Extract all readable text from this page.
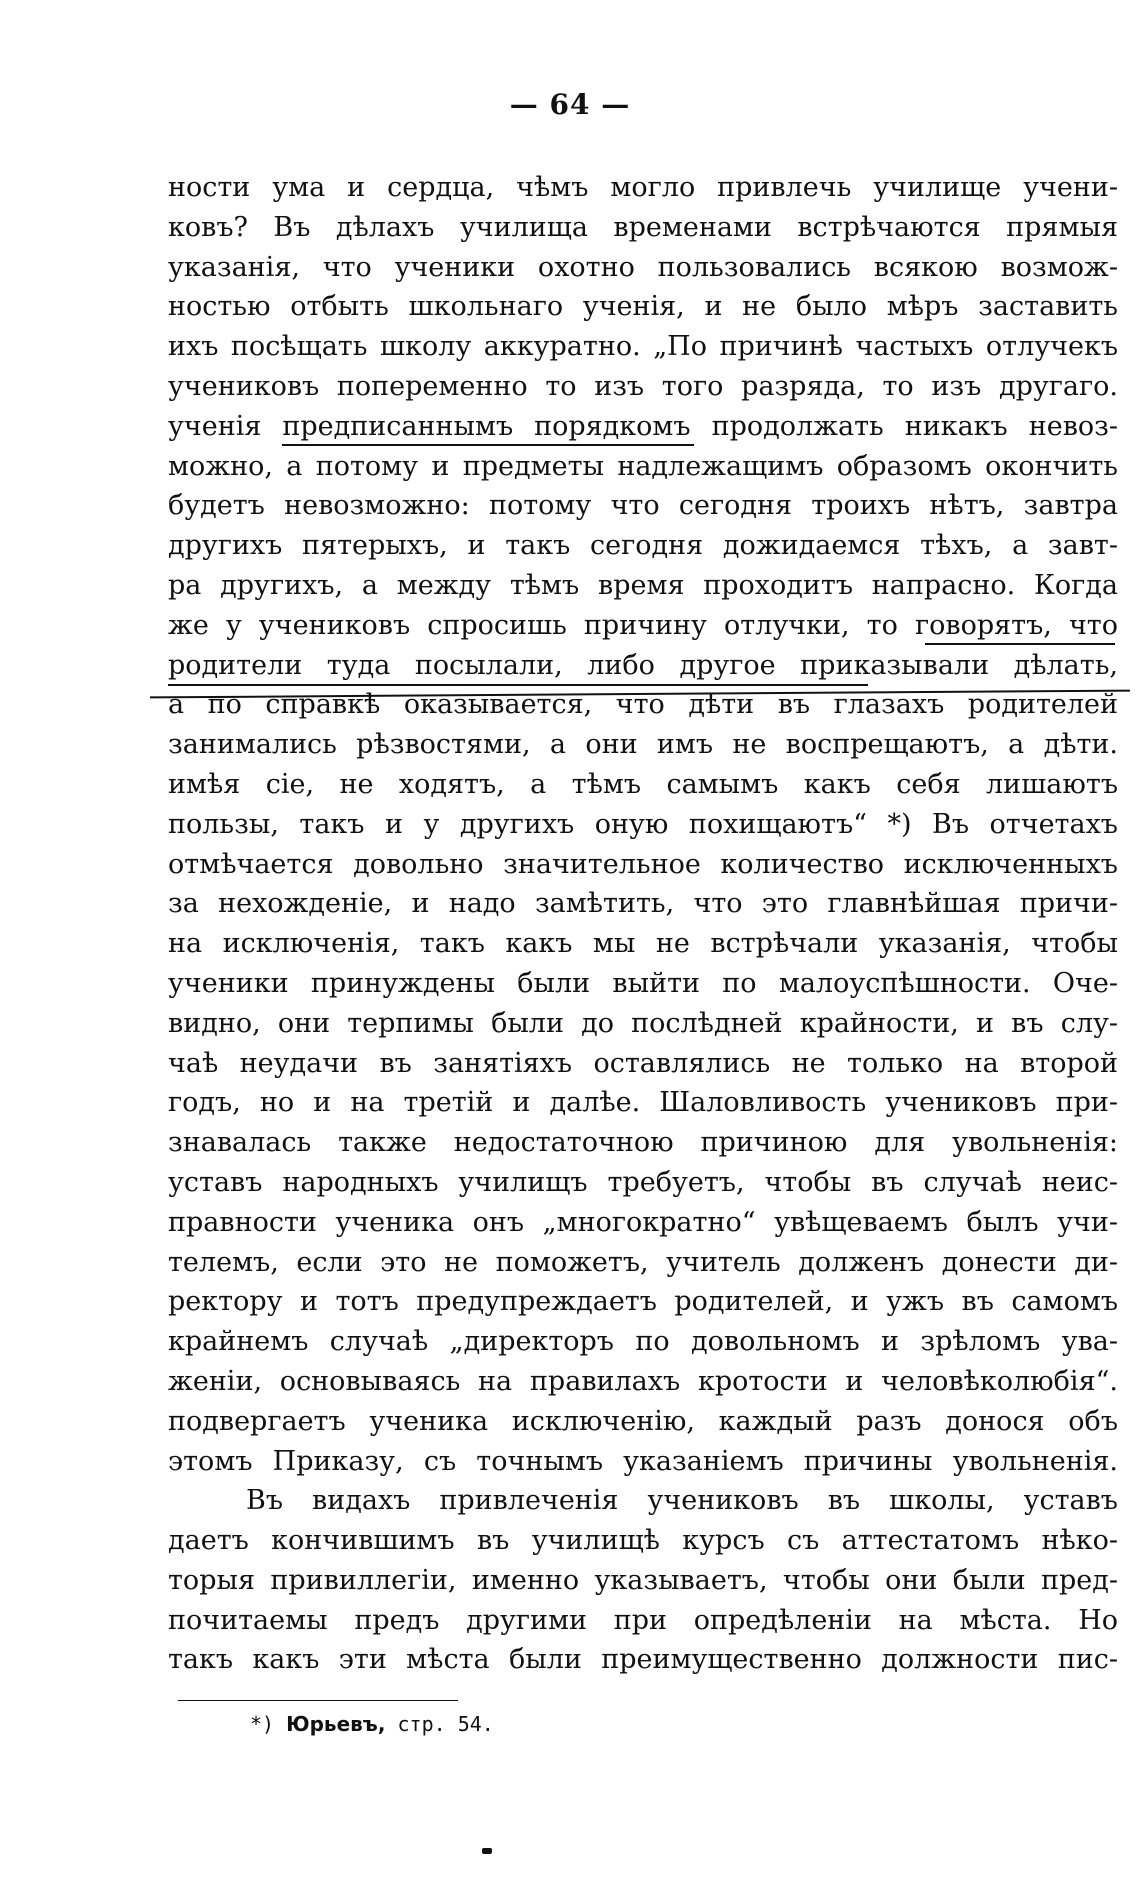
— 64 —
ности ума и сердца, чѣмъ могло привлечь училище учени-
ковъ? Въ дѣлахъ училища временами встрѣчаются прямыя
указанія, что ученики охотно пользовались всякою возмож-
ностью отбыть школьнаго ученія, и не было мѣръ заставить
ихъ посѣщать школу аккуратно. „По причинѣ частыхъ отлучекъ
учениковъ попеременно то изъ того разряда, то изъ другаго.
ученія предписаннымъ порядкомъ продолжать никакъ невоз-
можно, а потому и предметы надлежащимъ образомъ окончить
будетъ невозможно: потому что сегодня троихъ нѣтъ, завтра
другихъ пятерыхъ, и такъ сегодня дожидаемся тѣхъ, а завт-
ра другихъ, а между тѣмъ время проходитъ напрасно. Когда
же у учениковъ спросишь причину отлучки, то говорятъ, что
родители туда посылали, либо другое приказывали дѣлать,
а по справкѣ оказывается, что дѣти въ глазахъ родителей
занимались рѣзвостями, а они имъ не воспрещаютъ, а дѣти.
имѣя сіе, не ходятъ, а тѣмъ самымъ какъ себя лишаютъ
пользы, такъ и у другихъ оную похищаютъ“ *) Въ отчетахъ
отмѣчается довольно значительное количество исключенныхъ
за нехожденіе, и надо замѣтить, что это главнѣйшая причи-
на исключенія, такъ какъ мы не встрѣчали указанія, чтобы
ученики принуждены были выйти по малоуспѣшности. Оче-
видно, они терпимы были до послѣдней крайности, и въ слу-
чаѣ неудачи въ занятіяхъ оставлялись не только на второй
годъ, но и на третій и далѣе. Шаловливость учениковъ при-
знавалась также недостаточною причиною для увольненія:
уставъ народныхъ училищъ требуетъ, чтобы въ случаѣ неис-
правности ученика онъ „многократно“ увѣщеваемъ былъ учи-
телемъ, если это не поможетъ, учитель долженъ донести ди-
ректору и тотъ предупреждаетъ родителей, и ужъ въ самомъ
крайнемъ случаѣ „директоръ по довольномъ и зрѣломъ ува-
женіи, основываясь на правилахъ кротости и человѣколюбія“.
подвергаетъ ученика исключенію, каждый разъ донося объ
этомъ Приказу, съ точнымъ указаніемъ причины увольненія.
Въ видахъ привлеченія учениковъ въ школы, уставъ
даетъ кончившимъ въ училищѣ курсъ съ аттестатомъ нѣко-
торыя привиллегіи, именно указываетъ, чтобы они были пред-
почитаемы предъ другими при опредѣленіи на мѣста. Но
такъ какъ эти мѣста были преимущественно должности пис-
*) Юрьевъ, стр. 54.
